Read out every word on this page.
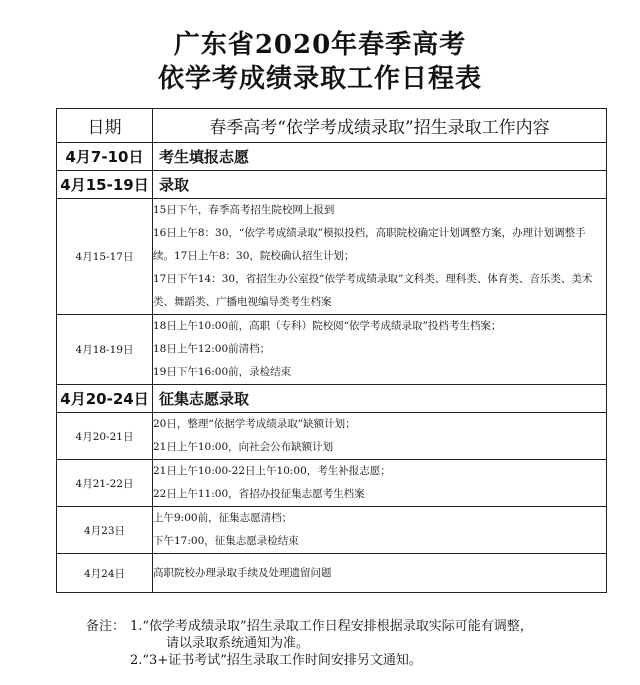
广东省2020年春季高考
依学考成绩录取工作日程表
日期	春季高考“依学考成绩录取”招生录取工作内容
4月7-10日	考生填报志愿
4月15-19日	录取
4月15-17日	15日下午，春季高考招生院校网上报到
16日上午8：30，“依学考成绩录取”模拟投档，高职院校确定计划调整方案，办理计划调整手续。17日上午8：30，院校确认招生计划；
17日下午14：30，省招生办公室投“依学考成绩录取”文科类、理科类、体育类、音乐类、美术类、舞蹈类、广播电视编导类考生档案

4月18-19日	18日上午10:00前，高职（专科）院校阅“依学考成绩录取”投档考生档案；
18日上午12:00前清档；
19日下午16:00前，录检结束

4月20-24日	征集志愿录取
4月20-21日	20日，整理“依据学考成绩录取”缺额计划；
21日上午10:00，向社会公布缺额计划

4月21-22日	21日上午10:00-22日上午10:00，考生补报志愿；
22日上午11:00，省招办投征集志愿考生档案

4月23日	上午9:00前，征集志愿清档；
下午17:00，征集志愿录检结束

4月24日	高职院校办理录取手续及处理遗留问题
备注： 1.“依学考成绩录取”招生录取工作日程安排根据录取实际可能有调整，
请以录取系统通知为准。
2.“3+证书考试”招生录取工作时间安排另文通知。
